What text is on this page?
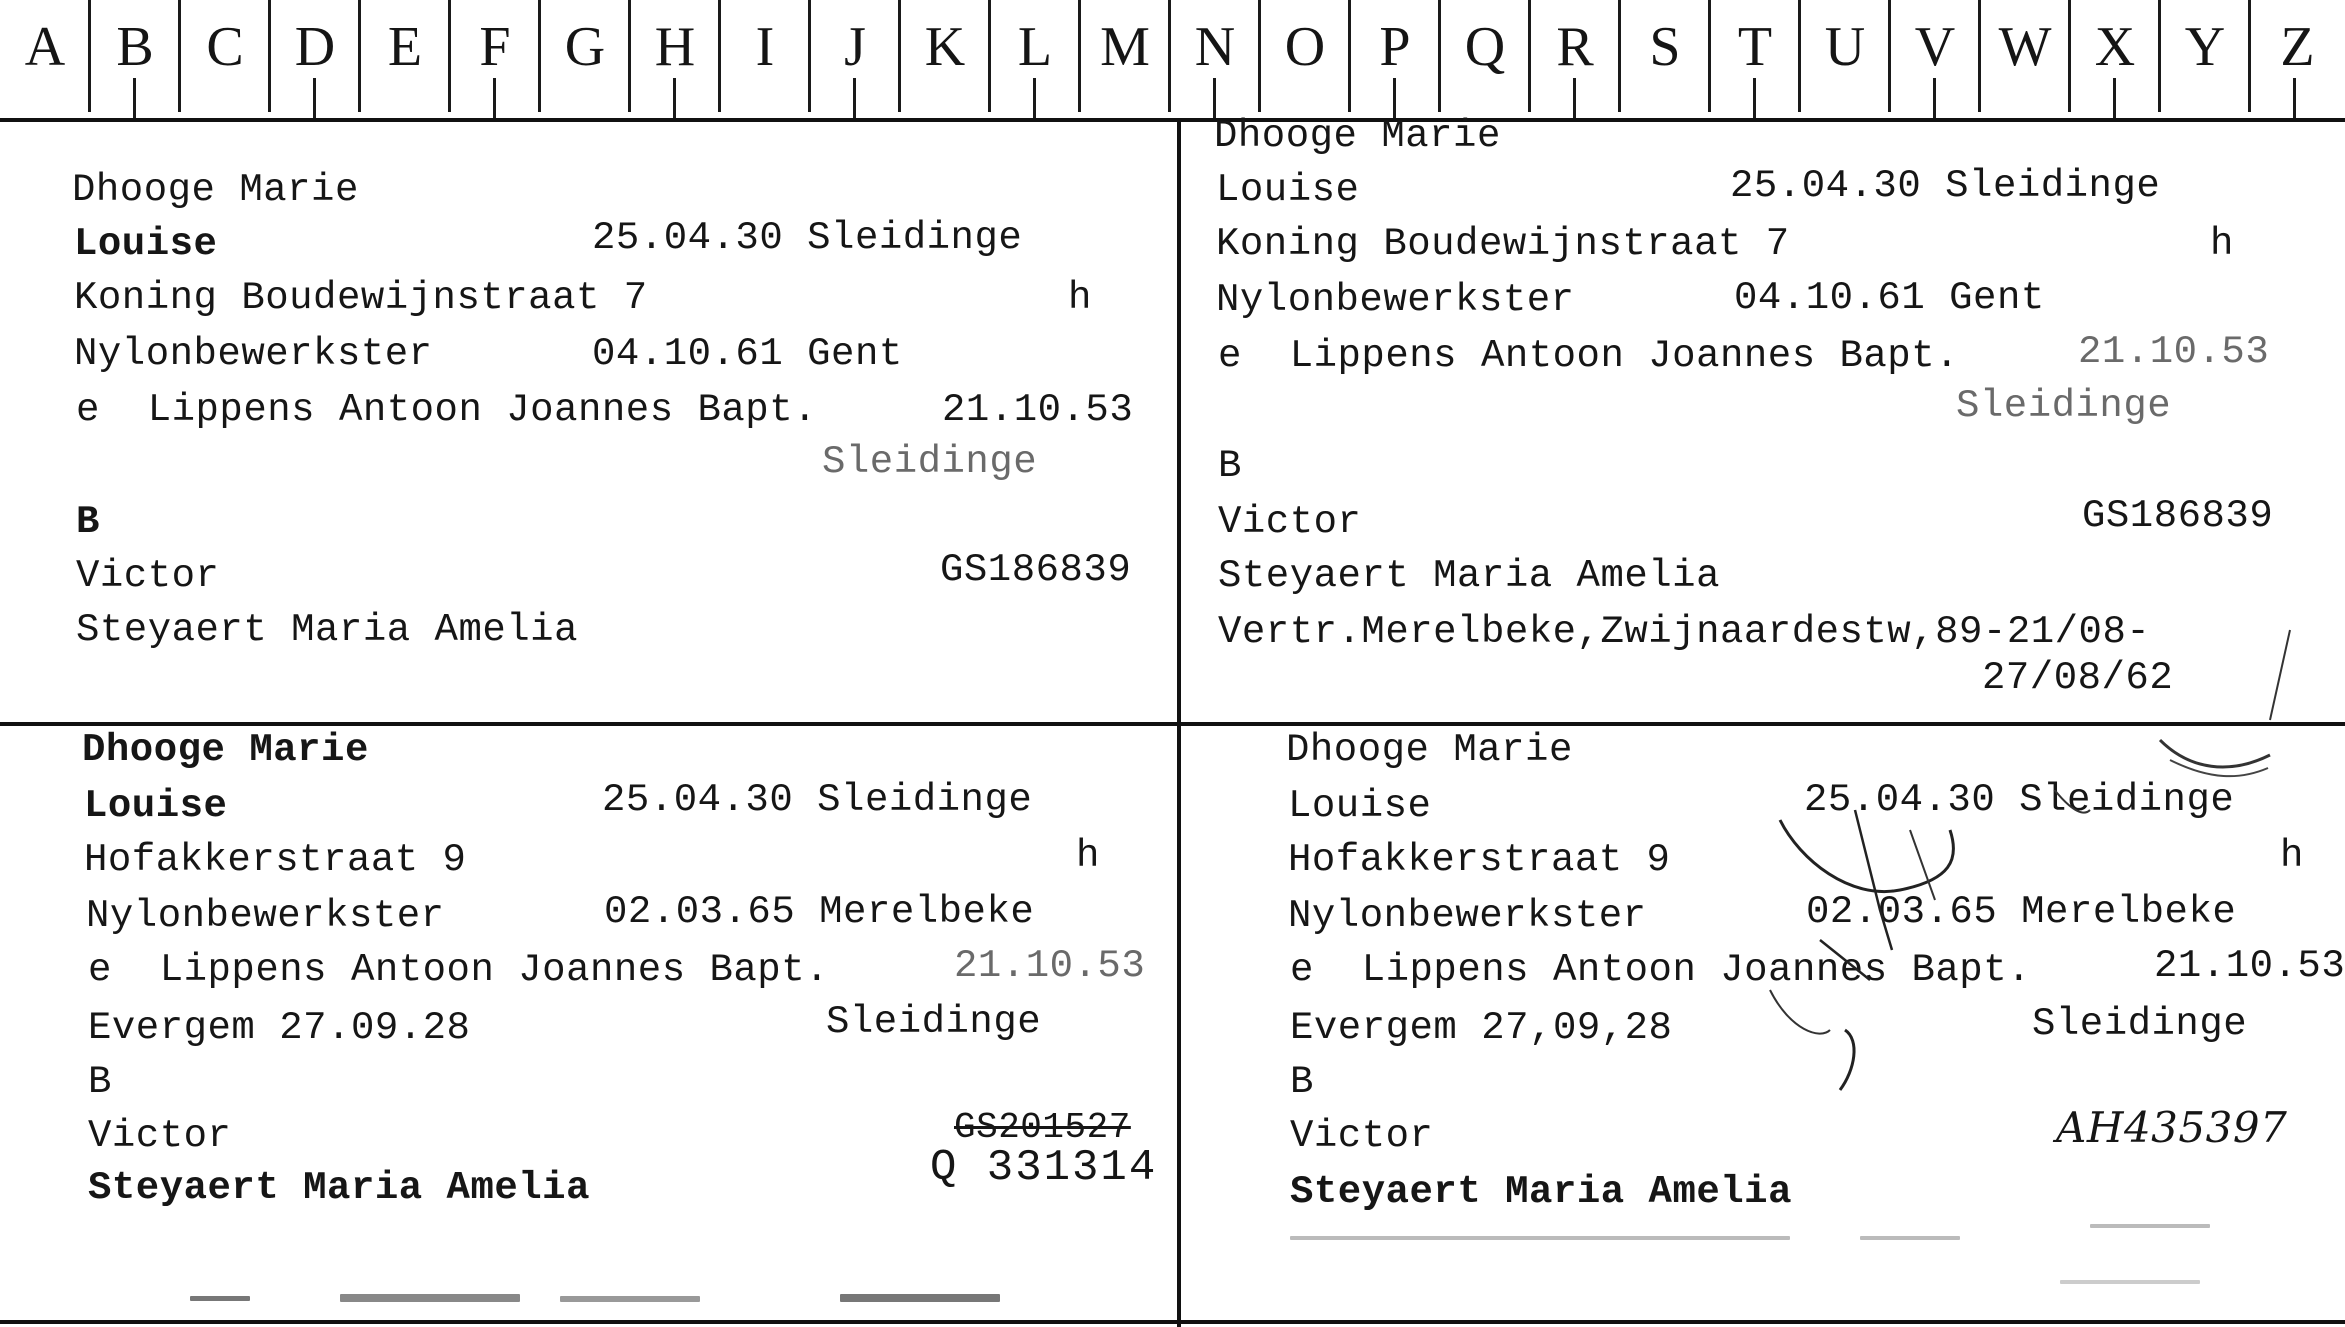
A B C D E	F G H	I	J	K L M N O P Q R S	T U V W X Y Z
Dhooge Marie
Louise	25.04.30 Sleidinge
Koning Boudewijnstraat 7	h
Nylonbewerkster	04.10.61 Gent
e  Lippens Antoon Joannes Bapt.	21.10.53
Sleidinge
B
Victor	GS186839
Steyaert Maria Amelia
Dhooge Marie
Louise	25.04.30 Sleidinge
Koning Boudewijnstraat 7	h
Nylonbewerkster	04.10.61 Gent
e  Lippens Antoon Joannes Bapt.	21.10.53
Sleidinge
B
Victor	GS186839
Steyaert Maria Amelia
Vertr.Merelbeke,Zwijnaardestw,89-21/08-
27/08/62
Dhooge Marie
Louise	25.04.30 Sleidinge
Hofakkerstraat 9	h
Nylonbewerkster	02.03.65 Merelbeke
e  Lippens Antoon Joannes Bapt.	21.10.53
Evergem 27.09.28	Sleidinge
B
Victor	GS201527
Q 331314
Steyaert Maria Amelia
Dhooge Marie
Louise	25.04.30 Sleidinge
Hofakkerstraat 9	h
Nylonbewerkster	02.03.65 Merelbeke
e  Lippens Antoon Joannes Bapt.	21.10.53
Evergem 27,09,28	Sleidinge
B
Victor	AH435397
Steyaert Maria Amelia
